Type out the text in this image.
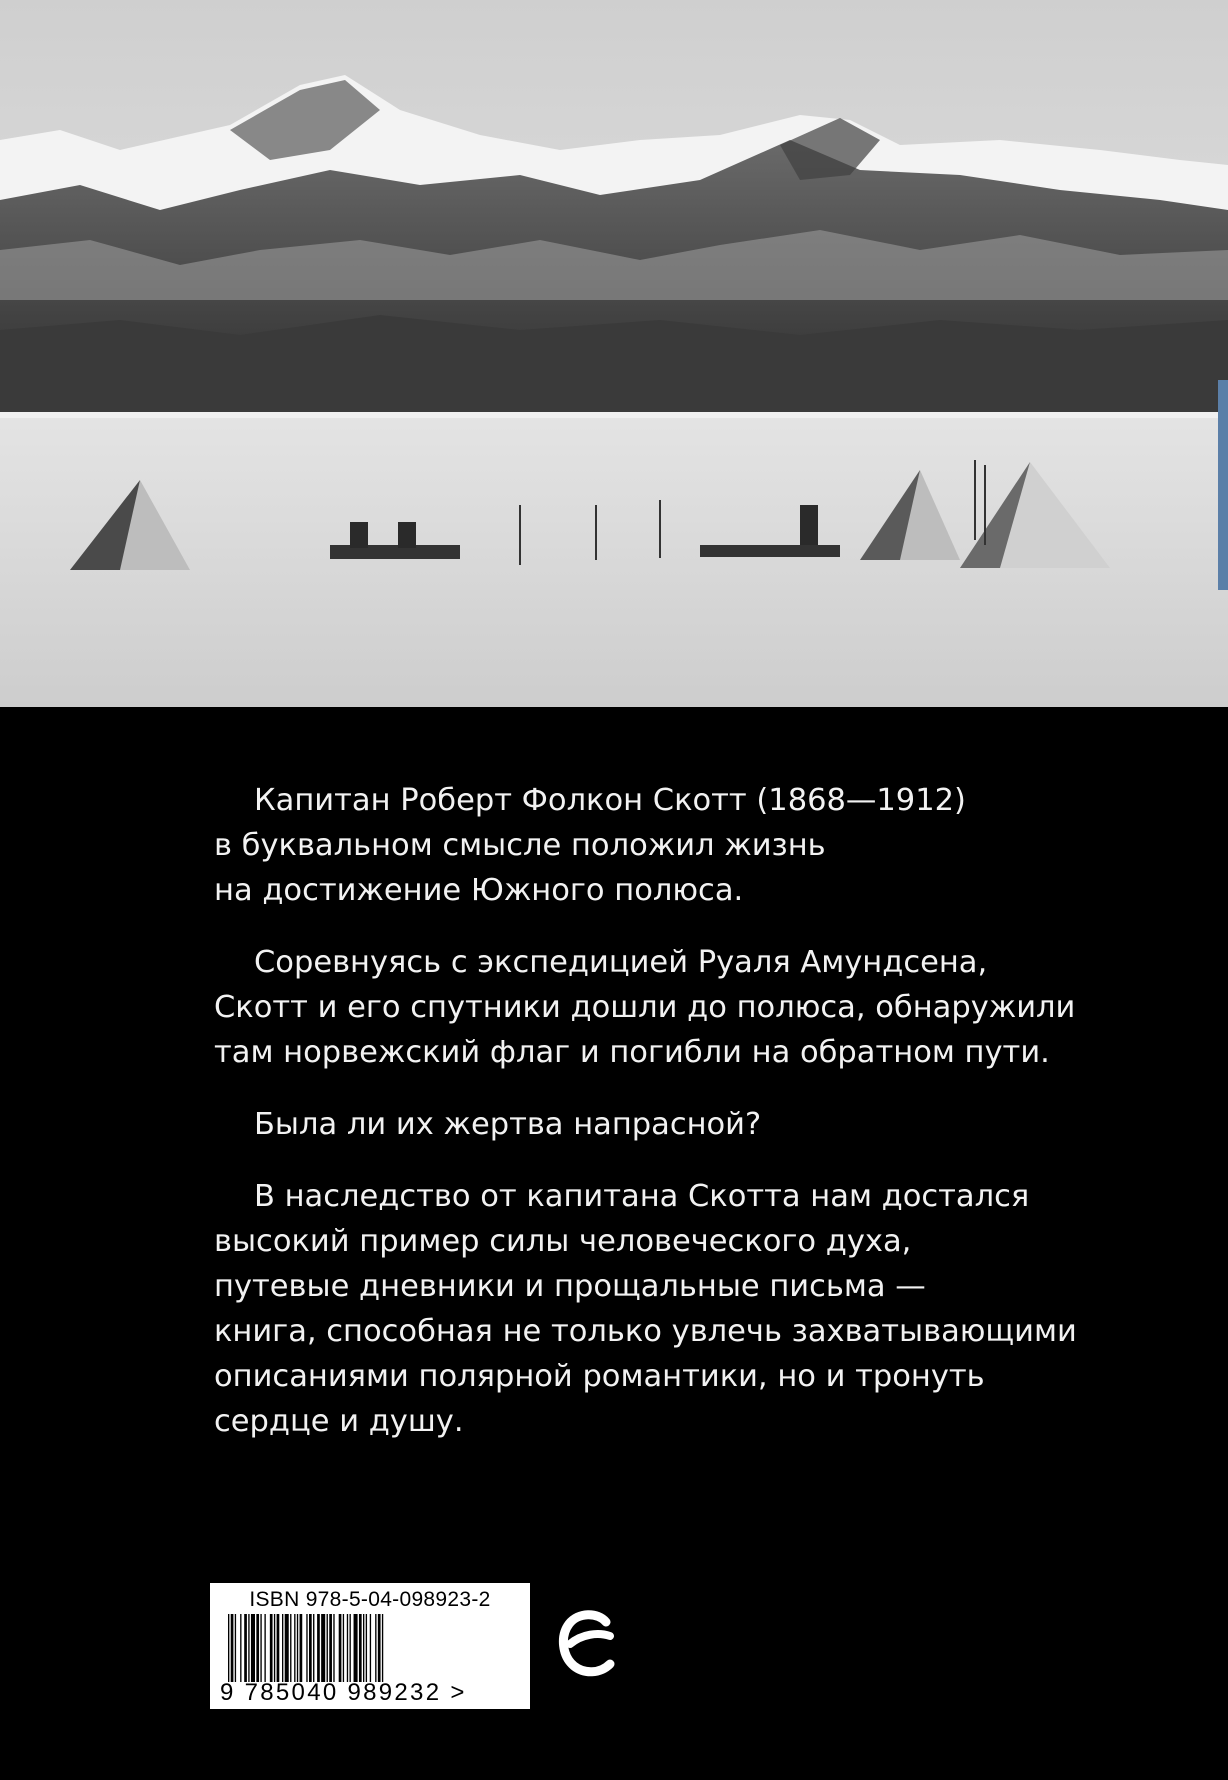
Капитан Роберт Фолкон Скотт (1868—1912)
в буквальном смысле положил жизнь
на достижение Южного полюса.

Соревнуясь с экспедицией Руаля Амундсена,
Скотт и его спутники дошли до полюса, обнаружили
там норвежский флаг и погибли на обратном пути.

Была ли их жертва напрасной?

В наследство от капитана Скотта нам достался
высокий пример силы человеческого духа,
путевые дневники и прощальные письма —
книга, способная не только увлечь захватывающими
описаниями полярной романтики, но и тронуть
сердце и душу.

ISBN 978-5-04-098923-2
9 785040 989232 >
